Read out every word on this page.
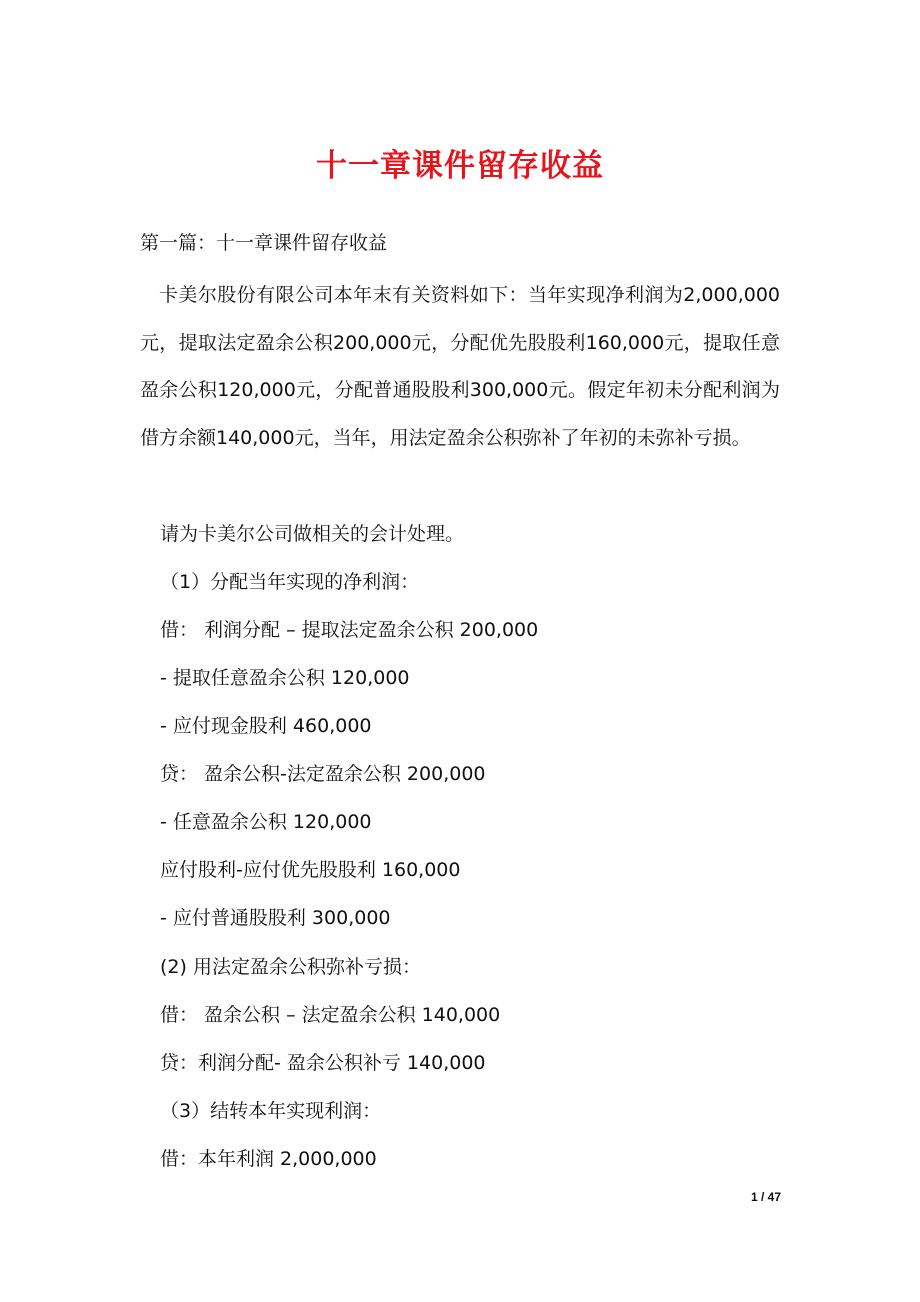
十一章课件留存收益
第一篇：十一章课件留存收益
卡美尔股份有限公司本年末有关资料如下：当年实现净利润为2,000,000元，提取法定盈余公积200,000元，分配优先股股利160,000元，提取任意盈余公积120,000元，分配普通股股利300,000元。假定年初未分配利润为借方余额140,000元，当年，用法定盈余公积弥补了年初的未弥补亏损。
请为卡美尔公司做相关的会计处理。
（1）分配当年实现的净利润：
借： 利润分配 – 提取法定盈余公积 200,000
- 提取任意盈余公积 120,000
- 应付现金股利 460,000
贷： 盈余公积-法定盈余公积 200,000
- 任意盈余公积 120,000
应付股利-应付优先股股利 160,000
- 应付普通股股利 300,000
(2) 用法定盈余公积弥补亏损：
借： 盈余公积 – 法定盈余公积 140,000
贷：利润分配- 盈余公积补亏 140,000
（3）结转本年实现利润：
借：本年利润 2,000,000
1 / 47
